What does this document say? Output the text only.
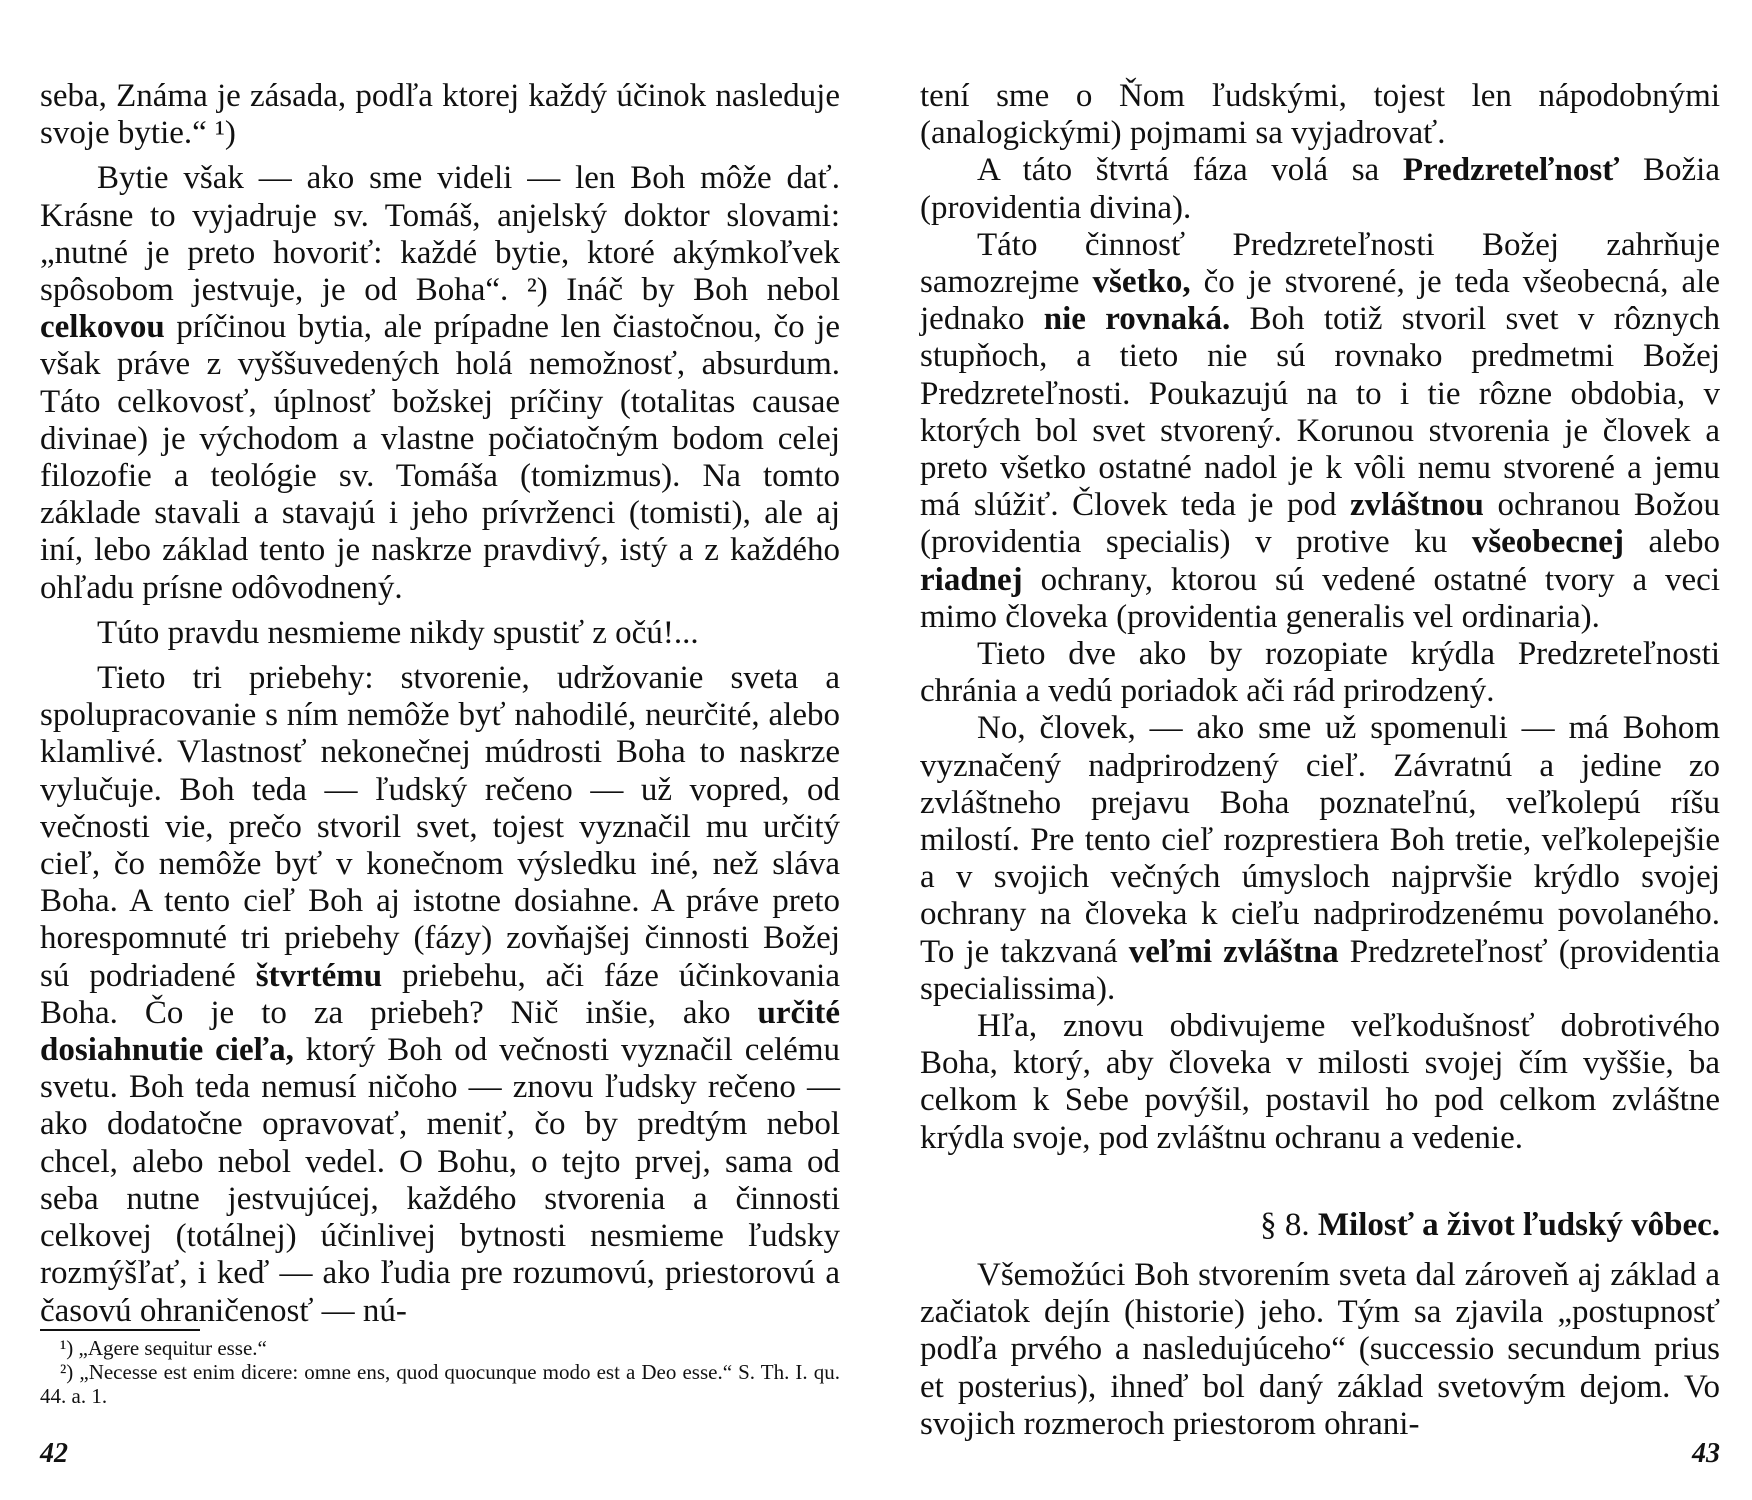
seba, Známa je zásada, podľa ktorej každý účinok nasleduje svoje bytie.“ ¹)

Bytie však — ako sme videli — len Boh môže dať. Krásne to vyjadruje sv. Tomáš, anjelský doktor slovami: „nutné je preto hovoriť: každé bytie, ktoré akýmkoľvek spôsobom jestvuje, je od Boha“. ²) Ináč by Boh nebol celkovou príčinou bytia, ale prípadne len čiastočnou, čo je však práve z vyššuvedených holá nemožnosť, absurdum. Táto celkovosť, úplnosť božskej príčiny (totalitas causae divinae) je východom a vlastne počiatočným bodom celej filozofie a teológie sv. Tomáša (tomizmus). Na tomto základe stavali a stavajú i jeho prívrženci (tomisti), ale aj iní, lebo základ tento je naskrze pravdivý, istý a z každého ohľadu prísne odôvodnený.

Túto pravdu nesmieme nikdy spustiť z očú!...

Tieto tri priebehy: stvorenie, udržovanie sveta a spolupracovanie s ním nemôže byť nahodilé, neurčité, alebo klamlivé. Vlastnosť nekonečnej múdrosti Boha to naskrze vylučuje. Boh teda — ľudský rečeno — už vopred, od večnosti vie, prečo stvoril svet, tojest vyznačil mu určitý cieľ, čo nemôže byť v konečnom výsledku iné, než sláva Boha. A tento cieľ Boh aj istotne dosiahne. A práve preto horespomnuté tri priebehy (fázy) zovňajšej činnosti Božej sú podriadené štvrtému priebehu, ači fáze účinkovania Boha. Čo je to za priebeh? Nič inšie, ako určité dosiahnutie cieľa, ktorý Boh od večnosti vyznačil celému svetu. Boh teda nemusí ničoho — znovu ľudsky rečeno — ako dodatočne opravovať, meniť, čo by predtým nebol chcel, alebo nebol vedel. O Bohu, o tejto prvej, sama od seba nutne jestvujúcej, každého stvorenia a činnosti celkovej (totálnej) účinlivej bytnosti nesmieme ľudsky rozmýšľať, i keď — ako ľudia pre rozumovú, priestorovú a časovú ohraničenosť — nú-

¹) „Agere sequitur esse.“
²) „Necesse est enim dicere: omne ens, quod quocunque modo est a Deo esse.“ S. Th. I. qu. 44. a. 1.
42

tení sme o Ňom ľudskými, tojest len nápodobnými (analogickými) pojmami sa vyjadrovať.

A táto štvrtá fáza volá sa Predzreteľnosť Božia (providentia divina).

Táto činnosť Predzreteľnosti Božej zahrňuje samozrejme všetko, čo je stvorené, je teda všeobecná, ale jednako nie rovnaká. Boh totiž stvoril svet v rôznych stupňoch, a tieto nie sú rovnako predmetmi Božej Predzreteľnosti. Poukazujú na to i tie rôzne obdobia, v ktorých bol svet stvorený. Korunou stvorenia je človek a preto všetko ostatné nadol je k vôli nemu stvorené a jemu má slúžiť. Človek teda je pod zvláštnou ochranou Božou (providentia specialis) v protive ku všeobecnej alebo riadnej ochrany, ktorou sú vedené ostatné tvory a veci mimo človeka (providentia generalis vel ordinaria).

Tieto dve ako by rozopiate krýdla Predzreteľnosti chránia a vedú poriadok ači rád prirodzený.

No, človek, — ako sme už spomenuli — má Bohom vyznačený nadprirodzený cieľ. Závratnú a jedine zo zvláštneho prejavu Boha poznateľnú, veľkolepú ríšu milostí. Pre tento cieľ rozprestiera Boh tretie, veľkolepejšie a v svojich večných úmysloch najprvšie krýdlo svojej ochrany na človeka k cieľu nadprirodzenému povolaného. To je takzvaná veľmi zvláštna Predzreteľnosť (providentia specialissima).

Hľa, znovu obdivujeme veľkodušnosť dobrotivého Boha, ktorý, aby človeka v milosti svojej čím vyššie, ba celkom k Sebe povýšil, postavil ho pod celkom zvláštne krýdla svoje, pod zvláštnu ochranu a vedenie.

§ 8. Milosť a život ľudský vôbec.

Všemožúci Boh stvorením sveta dal zároveň aj základ a začiatok dejín (historie) jeho. Tým sa zjavila „postupnosť podľa prvého a nasledujúceho“ (successio secundum prius et posterius), ihneď bol daný základ svetovým dejom. Vo svojich rozmeroch priestorom ohrani-

43
